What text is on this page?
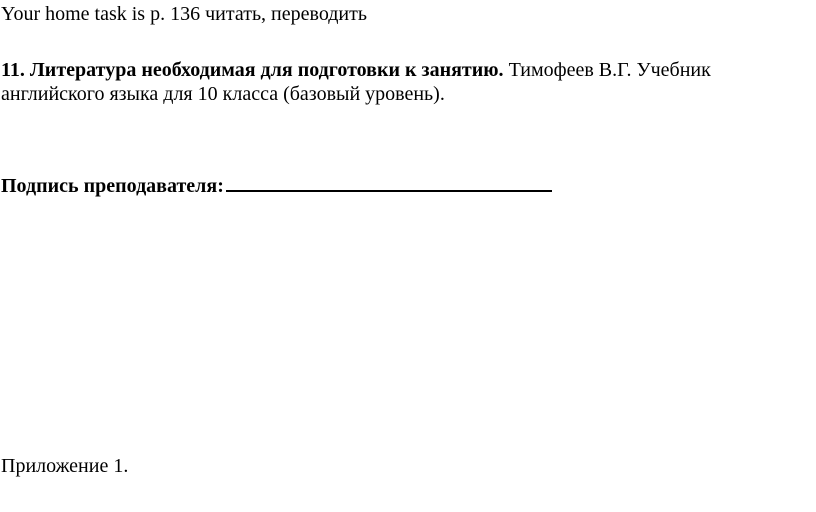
Your home task is p. 136 читать, переводить
11. Литература необходимая для подготовки к занятию. Тимофеев В.Г. Учебник
английского языка для 10 класса (базовый уровень).
Подпись преподавателя:
Приложение 1.
